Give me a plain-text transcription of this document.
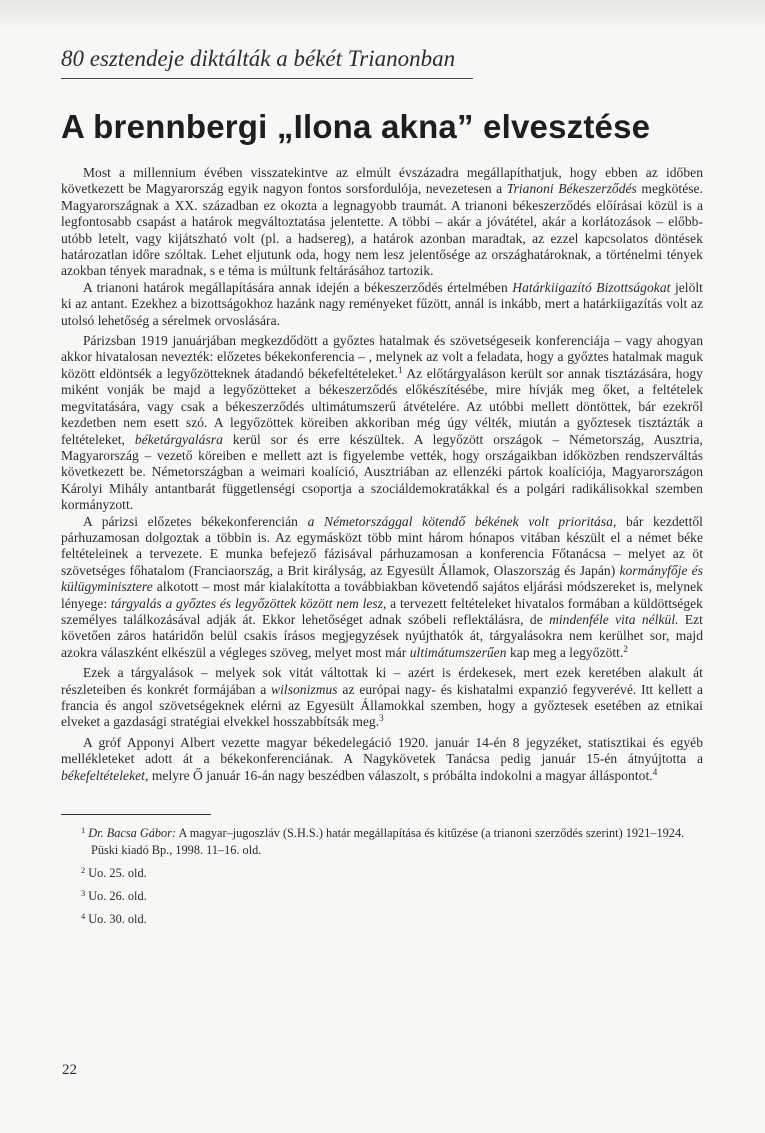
80 esztendeje diktálták a békét Trianonban
A brennbergi „Ilona akna” elvesztése

Most a millennium évében visszatekintve az elmúlt évszázadra megállapíthatjuk, hogy ebben az időben következett be Magyarország egyik nagyon fontos sorsfordulója, nevezetesen a Trianoni Békeszerződés megkötése. Magyarországnak a XX. században ez okozta a legnagyobb traumát. A trianoni békeszerződés előírásai közül is a legfontosabb csapást a határok megváltoztatása jelentette. A többi – akár a jóvátétel, akár a korlátozások – előbb-utóbb letelt, vagy kijátszható volt (pl. a hadsereg), a határok azonban maradtak, az ezzel kapcsolatos döntések határozatlan időre szóltak. Lehet eljutunk oda, hogy nem lesz jelentősége az országhatároknak, a történelmi tények azokban tények maradnak, s e téma is múltunk feltárásához tartozik.

A trianoni határok megállapítására annak idején a békeszerződés értelmében Határkiigazító Bizottságokat jelölt ki az antant. Ezekhez a bizottságokhoz hazánk nagy reményeket fűzött, annál is inkább, mert a határkiigazítás volt az utolsó lehetőség a sérelmek orvoslására.

Párizsban 1919 januárjában megkezdődött a győztes hatalmak és szövetségeseik konferenciája – vagy ahogyan akkor hivatalosan nevezték: előzetes békekonferencia – , melynek az volt a feladata, hogy a győztes hatalmak maguk között eldöntsék a legyőzötteknek átadandó békefeltételeket.$^1$ Az előtárgyaláson került sor annak tisztázására, hogy miként vonják be majd a legyőzötteket a békeszerződés előkészítésébe, mire hívják meg őket, a feltételek megvitatására, vagy csak a békeszerződés ultimátumszerű átvételére. Az utóbbi mellett döntöttek, bár ezekről kezdetben nem esett szó. A legyőzöttek köreiben akkoriban még úgy vélték, miután a győztesek tisztázták a feltételeket, béketárgyalásra kerül sor és erre készültek. A legyőzött országok – Németország, Ausztria, Magyarország – vezető köreiben e mellett azt is figyelembe vették, hogy országaikban időközben rendszerváltás következett be. Németországban a weimari koalíció, Ausztriában az ellenzéki pártok koalíciója, Magyarországon Károlyi Mihály antantbarát függetlenségi csoportja a szociáldemokratákkal és a polgári radikálisokkal szemben kormányzott.

A párizsi előzetes békekonferencián a Németországgal kötendő békének volt prioritása, bár kezdettől párhuzamosan dolgoztak a többin is. Az egymásközt több mint három hónapos vitában készült el a német béke feltételeinek a tervezete. E munka befejező fázisával párhuzamosan a konferencia Főtanácsa – melyet az öt szövetséges főhatalom (Franciaország, a Brit királyság, az Egyesült Államok, Olaszország és Japán) kormányfője és külügyminisztere alkotott – most már kialakította a továbbiakban követendő sajátos eljárási módszereket is, melynek lényege: tárgyalás a győztes és legyőzöttek között nem lesz, a tervezett feltételeket hivatalos formában a küldöttségek személyes találkozásával adják át. Ekkor lehetőséget adnak szóbeli reflektálásra, de mindenféle vita nélkül. Ezt követően záros határidőn belül csakis írásos megjegyzések nyújthatók át, tárgyalásokra nem kerülhet sor, majd azokra válaszként elkészül a végleges szöveg, melyet most már ultimátumszerűen kap meg a legyőzött.$^2$

Ezek a tárgyalások – melyek sok vitát váltottak ki – azért is érdekesek, mert ezek keretében alakult át részleteiben és konkrét formájában a wilsonizmus az európai nagy- és kishatalmi expanzió fegyverévé. Itt kellett a francia és angol szövetségeknek elérni az Egyesült Államokkal szemben, hogy a győztesek esetében az etnikai elveket a gazdasági stratégiai elvekkel hosszabbítsák meg.$^3$

A gróf Apponyi Albert vezette magyar békedelegáció 1920. január 14-én 8 jegyzéket, statisztikai és egyéb mellékleteket adott át a békekonferenciának. A Nagykövetek Tanácsa pedig január 15-én átnyújtotta a békefeltételeket, melyre Ő január 16-án nagy beszédben válaszolt, s próbálta indokolni a magyar álláspontot.$^4$

$^1$ Dr. Bacsa Gábor: A magyar–jugoszláv (S.H.S.) határ megállapítása és kitűzése (a trianoni szerződés szerint) 1921–1924. Püski kiadó Bp., 1998. 11–16. old.

$^2$ Uo. 25. old.

$^3$ Uo. 26. old.

$^4$ Uo. 30. old.

22
